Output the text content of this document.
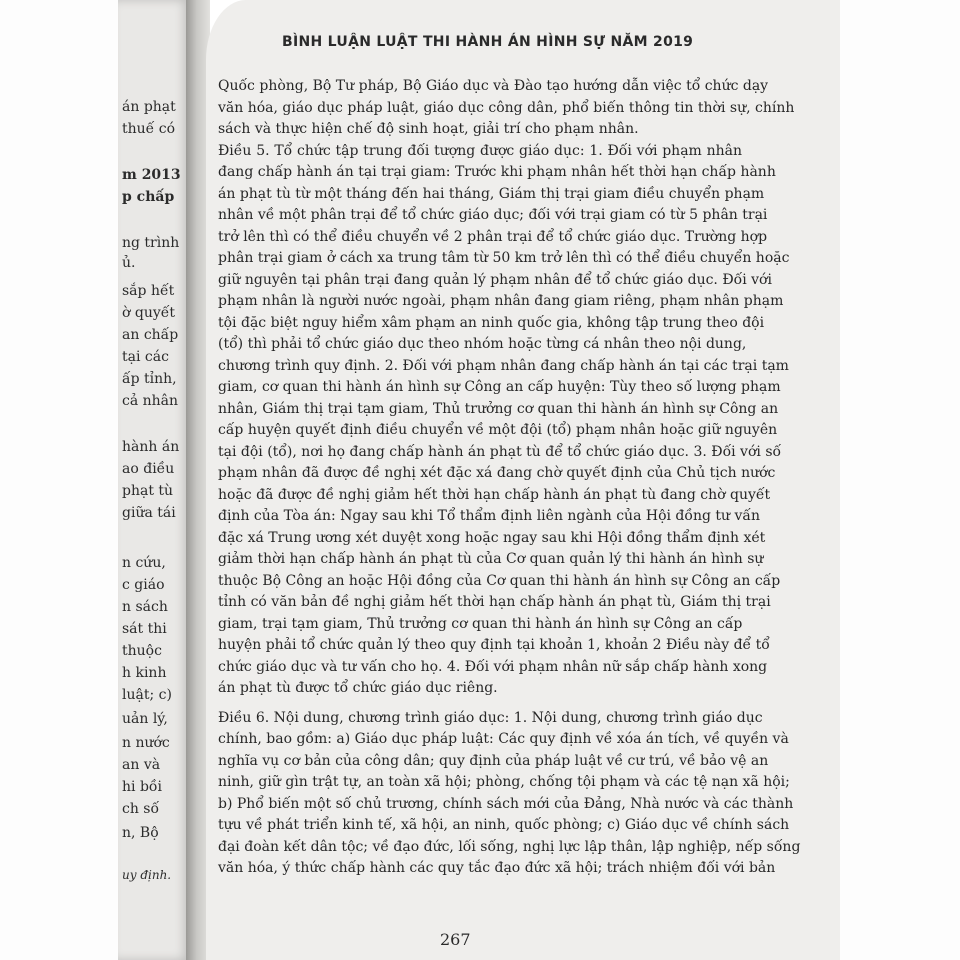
án phạt
thuế có
m 2013
p chấp
ng trình
ủ.
sắp hết
ờ quyết
an chấp
tại các
ấp tỉnh,
cả nhân
hành án
ao điều
phạt tù
giữa tái
n cứu,
c giáo
n sách
sát thi
thuộc
h kinh
luật; c)
uản lý,
n nước
an và
hi bồi
ch số
n, Bộ
uy định.
BÌNH LUẬN LUẬT THI HÀNH ÁN HÌNH SỰ NĂM 2019
Quốc phòng, Bộ Tư pháp, Bộ Giáo dục và Đào tạo hướng dẫn việc tổ chức dạy
văn hóa, giáo dục pháp luật, giáo dục công dân, phổ biến thông tin thời sự, chính
sách và thực hiện chế độ sinh hoạt, giải trí cho phạm nhân.
Điều 5. Tổ chức tập trung đối tượng được giáo dục: 1. Đối với phạm nhân
đang chấp hành án tại trại giam: Trước khi phạm nhân hết thời hạn chấp hành
án phạt tù từ một tháng đến hai tháng, Giám thị trại giam điều chuyển phạm
nhân về một phân trại để tổ chức giáo dục; đối với trại giam có từ 5 phân trại
trở lên thì có thể điều chuyển về 2 phân trại để tổ chức giáo dục. Trường hợp
phân trại giam ở cách xa trung tâm từ 50 km trở lên thì có thể điều chuyển hoặc
giữ nguyên tại phân trại đang quản lý phạm nhân để tổ chức giáo dục. Đối với
phạm nhân là người nước ngoài, phạm nhân đang giam riêng, phạm nhân phạm
tội đặc biệt nguy hiểm xâm phạm an ninh quốc gia, không tập trung theo đội
(tổ) thì phải tổ chức giáo dục theo nhóm hoặc từng cá nhân theo nội dung,
chương trình quy định. 2. Đối với phạm nhân đang chấp hành án tại các trại tạm
giam, cơ quan thi hành án hình sự Công an cấp huyện: Tùy theo số lượng phạm
nhân, Giám thị trại tạm giam, Thủ trưởng cơ quan thi hành án hình sự Công an
cấp huyện quyết định điều chuyển về một đội (tổ) phạm nhân hoặc giữ nguyên
tại đội (tổ), nơi họ đang chấp hành án phạt tù để tổ chức giáo dục. 3. Đối với số
phạm nhân đã được đề nghị xét đặc xá đang chờ quyết định của Chủ tịch nước
hoặc đã được đề nghị giảm hết thời hạn chấp hành án phạt tù đang chờ quyết
định của Tòa án: Ngay sau khi Tổ thẩm định liên ngành của Hội đồng tư vấn
đặc xá Trung ương xét duyệt xong hoặc ngay sau khi Hội đồng thẩm định xét
giảm thời hạn chấp hành án phạt tù của Cơ quan quản lý thi hành án hình sự
thuộc Bộ Công an hoặc Hội đồng của Cơ quan thi hành án hình sự Công an cấp
tỉnh có văn bản đề nghị giảm hết thời hạn chấp hành án phạt tù, Giám thị trại
giam, trại tạm giam, Thủ trưởng cơ quan thi hành án hình sự Công an cấp
huyện phải tổ chức quản lý theo quy định tại khoản 1, khoản 2 Điều này để tổ
chức giáo dục và tư vấn cho họ. 4. Đối với phạm nhân nữ sắp chấp hành xong
án phạt tù được tổ chức giáo dục riêng.
Điều 6. Nội dung, chương trình giáo dục: 1. Nội dung, chương trình giáo dục
chính, bao gồm: a) Giáo dục pháp luật: Các quy định về xóa án tích, về quyền và
nghĩa vụ cơ bản của công dân; quy định của pháp luật về cư trú, về bảo vệ an
ninh, giữ gìn trật tự, an toàn xã hội; phòng, chống tội phạm và các tệ nạn xã hội;
b) Phổ biến một số chủ trương, chính sách mới của Đảng, Nhà nước và các thành
tựu về phát triển kinh tế, xã hội, an ninh, quốc phòng; c) Giáo dục về chính sách
đại đoàn kết dân tộc; về đạo đức, lối sống, nghị lực lập thân, lập nghiệp, nếp sống
văn hóa, ý thức chấp hành các quy tắc đạo đức xã hội; trách nhiệm đối với bản
267
